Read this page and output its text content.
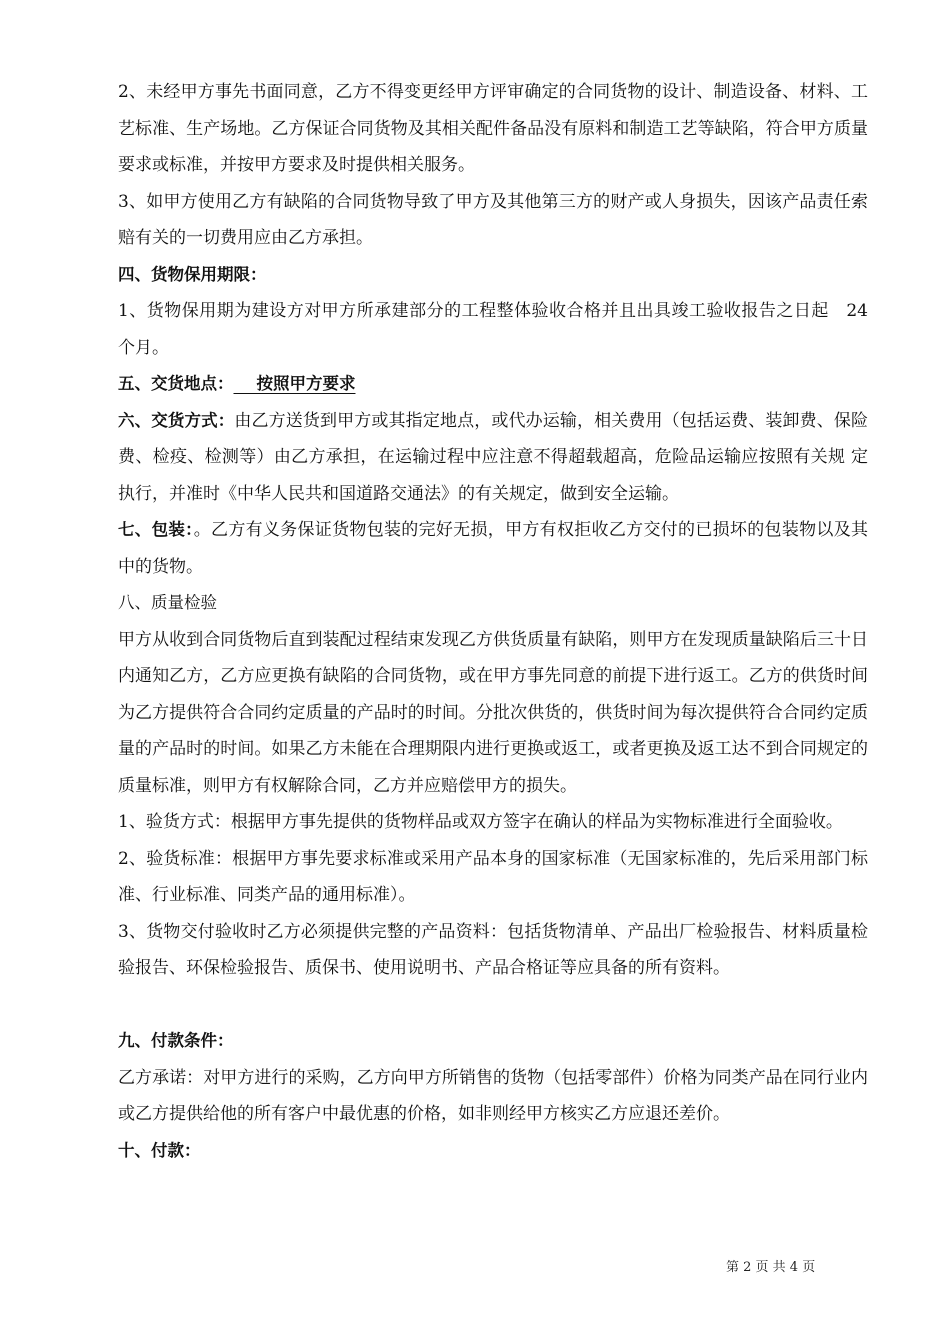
2、未经甲方事先书面同意，乙方不得变更经甲方评审确定的合同货物的设计、制造设备、材料、工艺标准、生产场地。乙方保证合同货物及其相关配件备品没有原料和制造工艺等缺陷，符合甲方质量要求或标准，并按甲方要求及时提供相关服务。

3、如甲方使用乙方有缺陷的合同货物导致了甲方及其他第三方的财产或人身损失，因该产品责任索赔有关的一切费用应由乙方承担。

四、货物保用期限：

1、货物保用期为建设方对甲方所承建部分的工程整体验收合格并且出具竣工验收报告之日起　24　个月。

五、交货地点：    按照甲方要求

六、交货方式：由乙方送货到甲方或其指定地点，或代办运输，相关费用（包括运费、装卸费、保险费、检疫、检测等）由乙方承担，在运输过程中应注意不得超载超高，危险品运输应按照有关规 定执行，并准时《中华人民共和国道路交通法》的有关规定，做到安全运输。

七、包装：。乙方有义务保证货物包装的完好无损，甲方有权拒收乙方交付的已损坏的包装物以及其中的货物。

八、质量检验

甲方从收到合同货物后直到装配过程结束发现乙方供货质量有缺陷，则甲方在发现质量缺陷后三十日内通知乙方，乙方应更换有缺陷的合同货物，或在甲方事先同意的前提下进行返工。乙方的供货时间为乙方提供符合合同约定质量的产品时的时间。分批次供货的，供货时间为每次提供符合合同约定质量的产品时的时间。如果乙方未能在合理期限内进行更换或返工，或者更换及返工达不到合同规定的质量标准，则甲方有权解除合同，乙方并应赔偿甲方的损失。

1、验货方式：根据甲方事先提供的货物样品或双方签字在确认的样品为实物标准进行全面验收。

2、验货标准：根据甲方事先要求标准或采用产品本身的国家标准（无国家标准的，先后采用部门标准、行业标准、同类产品的通用标准）。

3、货物交付验收时乙方必须提供完整的产品资料：包括货物清单、产品出厂检验报告、材料质量检验报告、环保检验报告、质保书、使用说明书、产品合格证等应具备的所有资料。

九、付款条件：

乙方承诺：对甲方进行的采购，乙方向甲方所销售的货物（包括零部件）价格为同类产品在同行业内或乙方提供给他的所有客户中最优惠的价格，如非则经甲方核实乙方应退还差价。

十、付款：

第 2 页 共 4 页
